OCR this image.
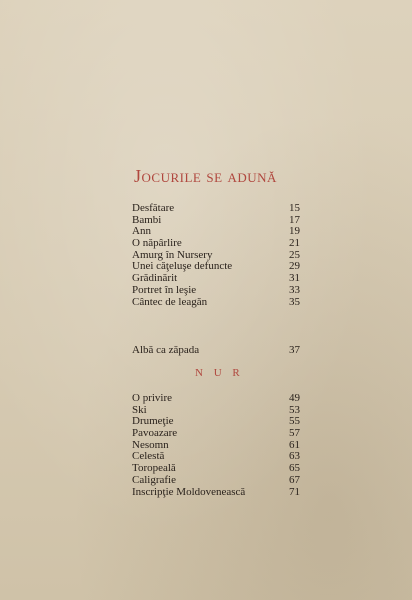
Jocurile se adună
Desfătare	15
Bambi	17
Ann	19
O năpârlire	21
Amurg în Nursery	25
Unei căţeluşe defuncte	29
Grădinărit	31
Portret în leşie	33
Cântec de leagăn	35
Albă ca zăpada	37
N U R
O privire	49
Ski	53
Drumeţie	55
Pavoazare	57
Nesomn	61
Celestă	63
Toropeală	65
Caligrafie	67
Inscripţie Moldovenească	71
